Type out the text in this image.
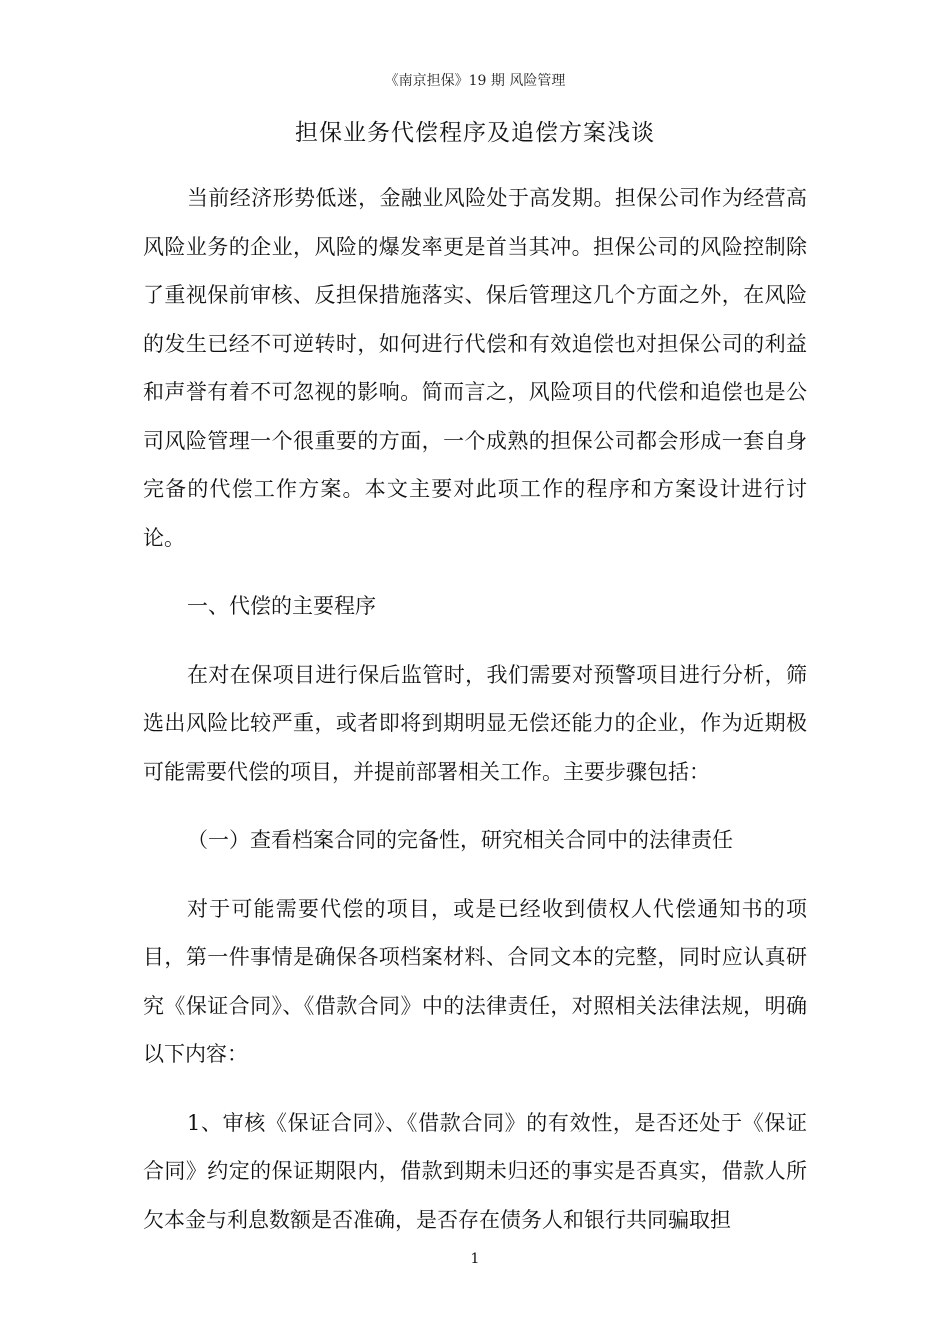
《南京担保》19 期 风险管理
担保业务代偿程序及追偿方案浅谈

当前经济形势低迷，金融业风险处于高发期。担保公司作为经营高风险业务的企业，风险的爆发率更是首当其冲。担保公司的风险控制除了重视保前审核、反担保措施落实、保后管理这几个方面之外，在风险的发生已经不可逆转时，如何进行代偿和有效追偿也对担保公司的利益和声誉有着不可忽视的影响。简而言之，风险项目的代偿和追偿也是公司风险管理一个很重要的方面，一个成熟的担保公司都会形成一套自身完备的代偿工作方案。本文主要对此项工作的程序和方案设计进行讨论。

一、代偿的主要程序

在对在保项目进行保后监管时，我们需要对预警项目进行分析，筛选出风险比较严重，或者即将到期明显无偿还能力的企业，作为近期极可能需要代偿的项目，并提前部署相关工作。主要步骤包括：

（一）查看档案合同的完备性，研究相关合同中的法律责任

对于可能需要代偿的项目，或是已经收到债权人代偿通知书的项目，第一件事情是确保各项档案材料、合同文本的完整，同时应认真研究《保证合同》、《借款合同》中的法律责任，对照相关法律法规，明确以下内容：

1、审核《保证合同》、《借款合同》的有效性，是否还处于《保证合同》约定的保证期限内，借款到期未归还的事实是否真实，借款人所欠本金与利息数额是否准确，是否存在债务人和银行共同骗取担

1
